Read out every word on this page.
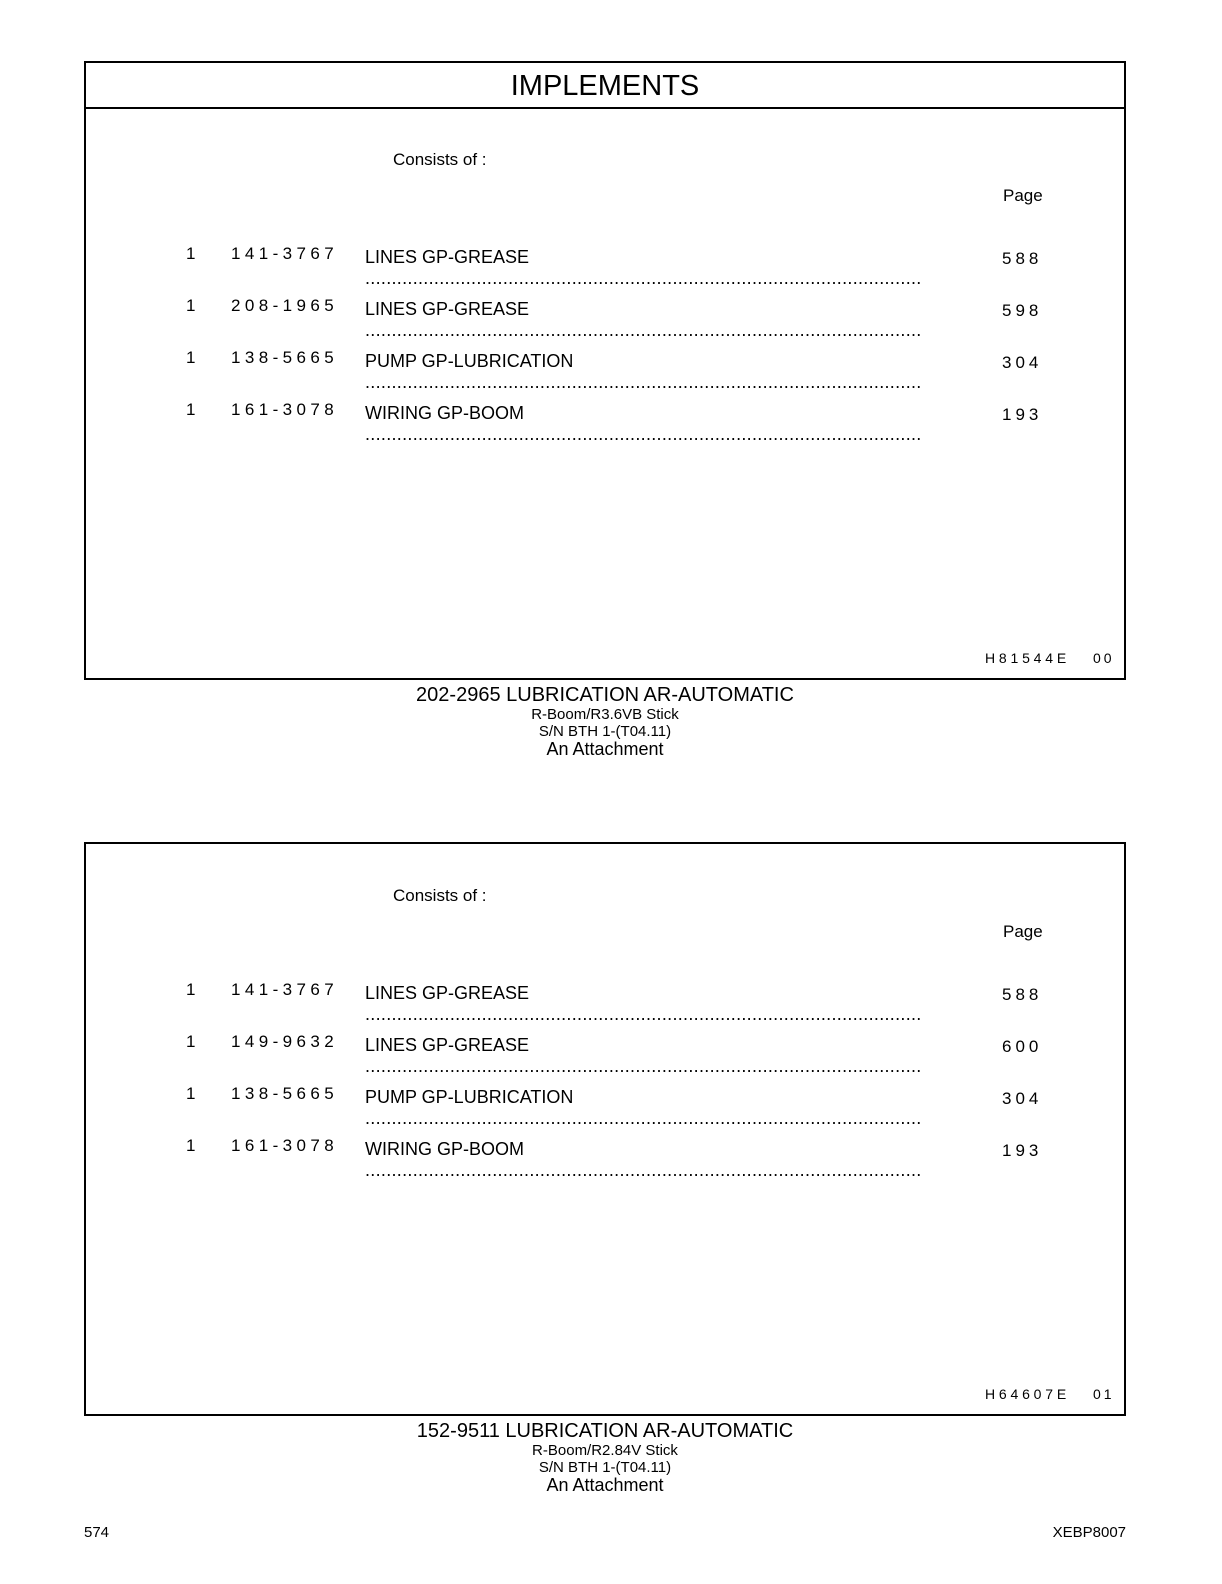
IMPLEMENTS
Consists of :
Page
1 141-3767 LINES GP-GREASE .....	588
1 208-1965 LINES GP-GREASE .....	598
1 138-5665 PUMP GP-LUBRICATION .....	304
1 161-3078 WIRING GP-BOOM .....	193
H81544E 00
202-2965 LUBRICATION AR-AUTOMATIC
R-Boom/R3.6VB Stick
S/N BTH 1-(T04.11)
An Attachment
Consists of :
Page
1 141-3767 LINES GP-GREASE .....	588
1 149-9632 LINES GP-GREASE .....	600
1 138-5665 PUMP GP-LUBRICATION .....	304
1 161-3078 WIRING GP-BOOM .....	193
H64607E 01
152-9511 LUBRICATION AR-AUTOMATIC
R-Boom/R2.84V Stick
S/N BTH 1-(T04.11)
An Attachment
574	XEBP8007
